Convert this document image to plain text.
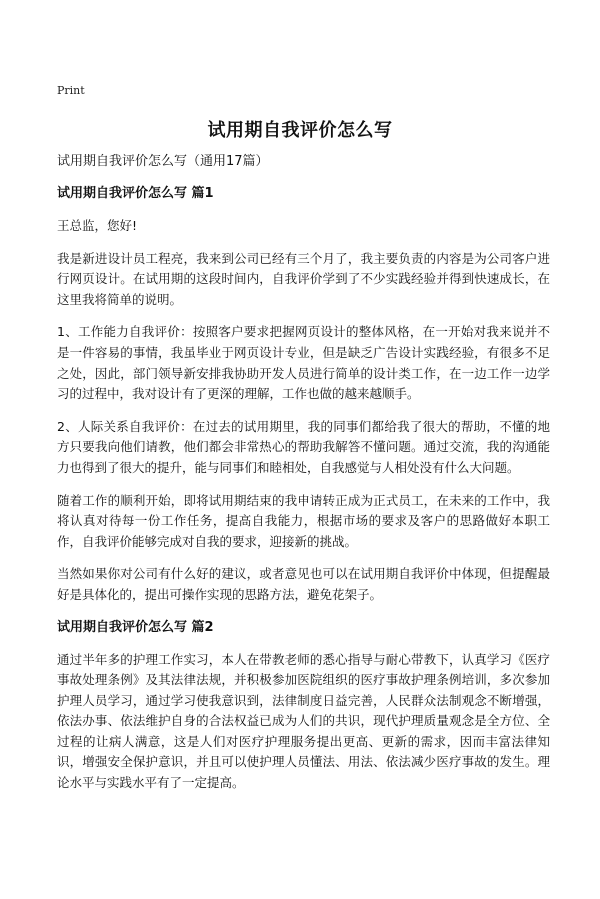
Print
试用期自我评价怎么写

试用期自我评价怎么写（通用17篇）

试用期自我评价怎么写 篇1

王总监，您好!

我是新进设计员工程亮，我来到公司已经有三个月了，我主要负责的内容是为公司客户进行网页设计。在试用期的这段时间内，自我评价学到了不少实践经验并得到快速成长，在这里我将简单的说明。

1、工作能力自我评价：按照客户要求把握网页设计的整体风格，在一开始对我来说并不是一件容易的事情，我虽毕业于网页设计专业，但是缺乏广告设计实践经验，有很多不足之处，因此，部门领导新安排我协助开发人员进行简单的设计类工作，在一边工作一边学习的过程中，我对设计有了更深的理解，工作也做的越来越顺手。

2、人际关系自我评价：在过去的试用期里，我的同事们都给我了很大的帮助，不懂的地方只要我向他们请教，他们都会非常热心的帮助我解答不懂问题。通过交流，我的沟通能力也得到了很大的提升，能与同事们和睦相处，自我感觉与人相处没有什么大问题。

随着工作的顺利开始，即将试用期结束的我申请转正成为正式员工，在未来的工作中，我将认真对待每一份工作任务，提高自我能力，根据市场的要求及客户的思路做好本职工作，自我评价能够完成对自我的要求，迎接新的挑战。

当然如果你对公司有什么好的建议，或者意见也可以在试用期自我评价中体现，但提醒最好是具体化的，提出可操作实现的思路方法，避免花架子。

试用期自我评价怎么写 篇2

通过半年多的护理工作实习，本人在带教老师的悉心指导与耐心带教下，认真学习《医疗事故处理条例》及其法律法规，并积极参加医院组织的医疗事故护理条例培训，多次参加护理人员学习，通过学习使我意识到，法律制度日益完善，人民群众法制观念不断增强，依法办事、依法维护自身的合法权益已成为人们的共识，现代护理质量观念是全方位、全过程的让病人满意，这是人们对医疗护理服务提出更高、更新的需求，因而丰富法律知识，增强安全保护意识，并且可以使护理人员懂法、用法、依法减少医疗事故的发生。理论水平与实践水平有了一定提高。
